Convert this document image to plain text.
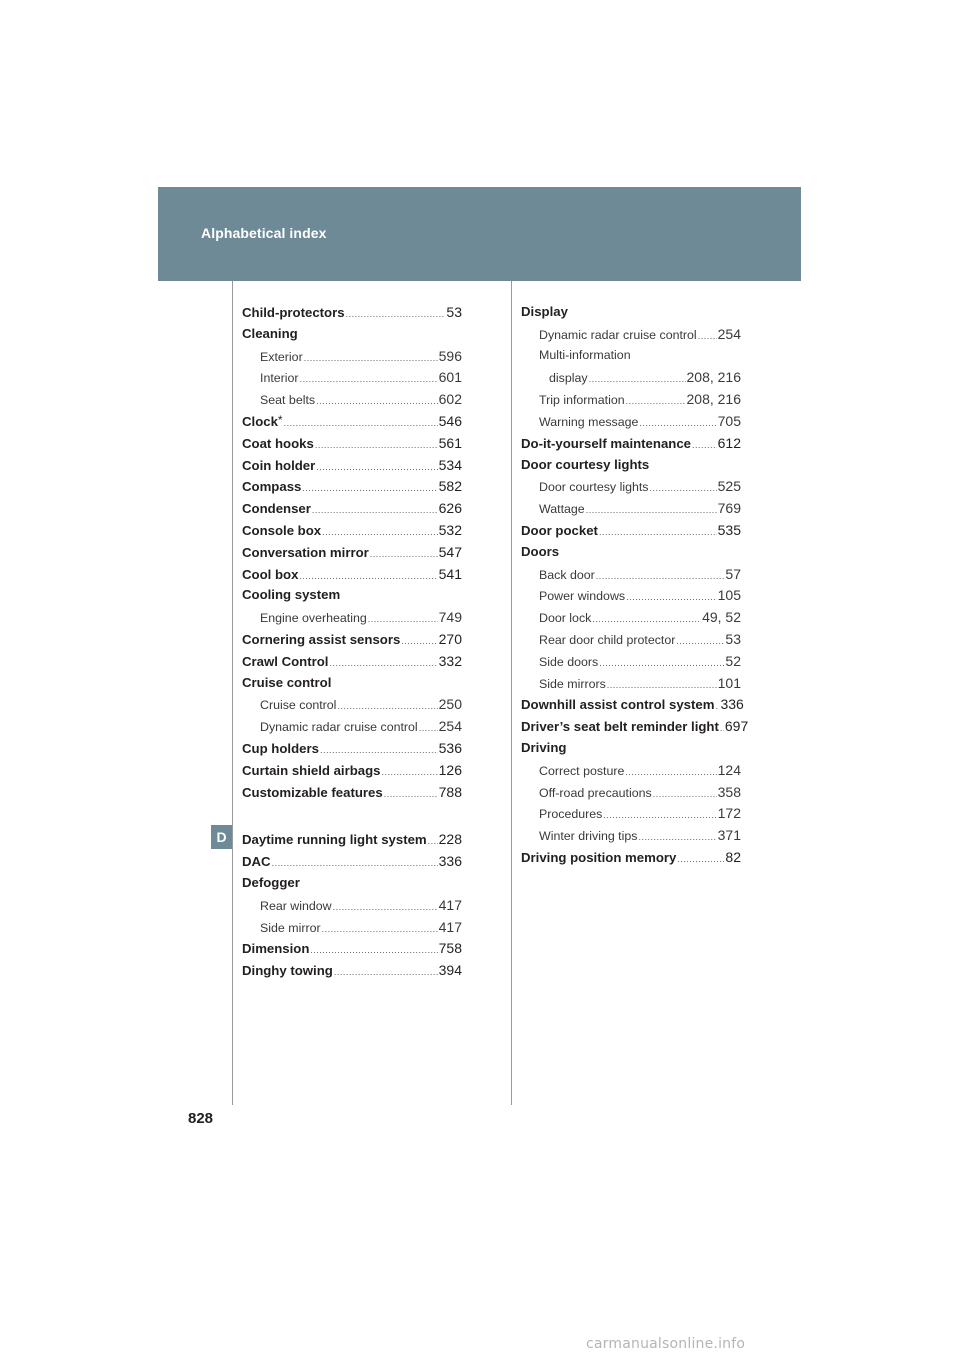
Alphabetical index
D
Child-protectors .....	53
Cleaning
Exterior .....	596
Interior .....	601
Seat belts .....	602
Clock* .....	546
Coat hooks .....	561
Coin holder .....	534
Compass .....	582
Condenser .....	626
Console box .....	532
Conversation mirror .....	547
Cool box .....	541
Cooling system
Engine overheating .....	749
Cornering assist sensors .....	270
Crawl Control .....	332
Cruise control
Cruise control .....	250
Dynamic radar cruise control ..... 254
Cup holders .....	536
Curtain shield airbags .....	126
Customizable features .....	788
Daytime running light system ..... 228
DAC .....	336
Defogger
Rear window .....	417
Side mirror .....	417
Dimension .....	758
Dinghy towing .....	394
Display
Dynamic radar cruise control ..... 254
Multi-information
display .....	208, 216
Trip information .....	208, 216
Warning message .....	705
Do-it-yourself maintenance ..... 612
Door courtesy lights
Door courtesy lights .....	525
Wattage .....	769
Door pocket .....	535
Doors
Back door .....	57
Power windows .....	105
Door lock .....	49, 52
Rear door child protector .....	53
Side doors .....	52
Side mirrors .....	101
Downhill assist control system ..... 336
Driver’s seat belt reminder light ..... 697
Driving
Correct posture .....	124
Off-road precautions .....	358
Procedures .....	172
Winter driving tips .....	371
Driving position memory .....	82
828
carmanualsonline.info
